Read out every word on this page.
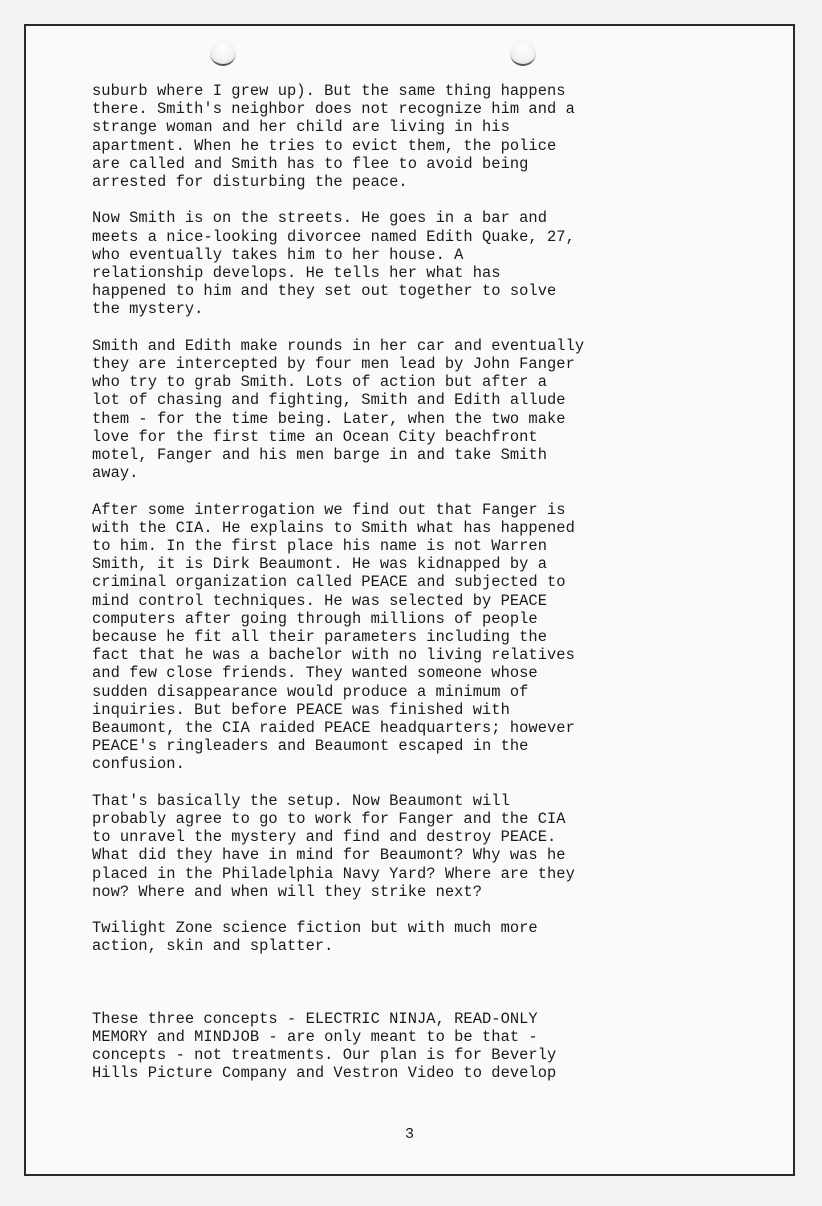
suburb where I grew up). But the same thing happens
there. Smith's neighbor does not recognize him and a
strange woman and her child are living in his
apartment. When he tries to evict them, the police
are called and Smith has to flee to avoid being
arrested for disturbing the peace.

Now Smith is on the streets. He goes in a bar and
meets a nice-looking divorcee named Edith Quake, 27,
who eventually takes him to her house. A
relationship develops. He tells her what has
happened to him and they set out together to solve
the mystery.

Smith and Edith make rounds in her car and eventually
they are intercepted by four men lead by John Fanger
who try to grab Smith. Lots of action but after a
lot of chasing and fighting, Smith and Edith allude
them - for the time being. Later, when the two make
love for the first time an Ocean City beachfront
motel, Fanger and his men barge in and take Smith
away.

After some interrogation we find out that Fanger is
with the CIA. He explains to Smith what has happened
to him. In the first place his name is not Warren
Smith, it is Dirk Beaumont. He was kidnapped by a
criminal organization called PEACE and subjected to
mind control techniques. He was selected by PEACE
computers after going through millions of people
because he fit all their parameters including the
fact that he was a bachelor with no living relatives
and few close friends. They wanted someone whose
sudden disappearance would produce a minimum of
inquiries. But before PEACE was finished with
Beaumont, the CIA raided PEACE headquarters; however
PEACE's ringleaders and Beaumont escaped in the
confusion.

That's basically the setup. Now Beaumont will
probably agree to go to work for Fanger and the CIA
to unravel the mystery and find and destroy PEACE.
What did they have in mind for Beaumont? Why was he
placed in the Philadelphia Navy Yard? Where are they
now? Where and when will they strike next?

Twilight Zone science fiction but with much more
action, skin and splatter.

These three concepts - ELECTRIC NINJA, READ-ONLY
MEMORY and MINDJOB - are only meant to be that -
concepts - not treatments. Our plan is for Beverly
Hills Picture Company and Vestron Video to develop

3
